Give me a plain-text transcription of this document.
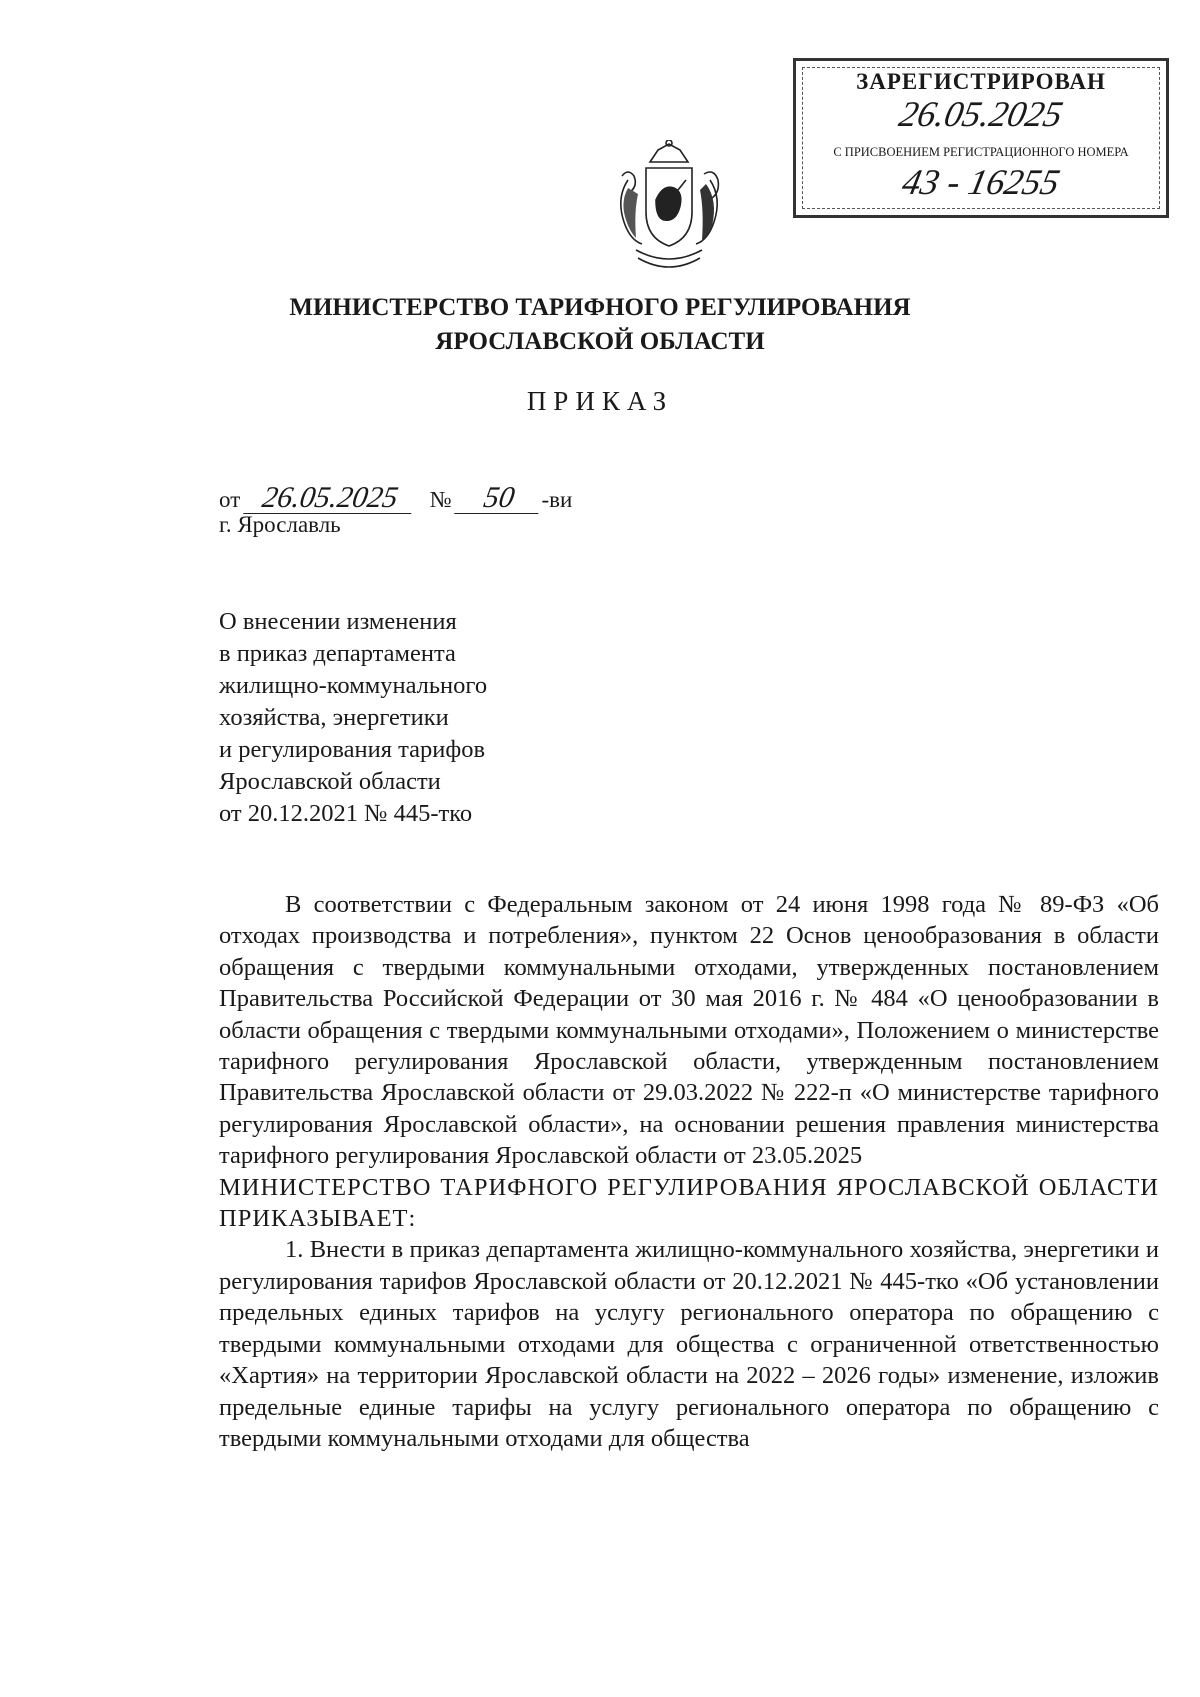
ЗАРЕГИСТРИРОВАН
26.05.2025
С ПРИСВОЕНИЕМ РЕГИСТРАЦИОННОГО НОМЕРА
43 - 16255
МИНИСТЕРСТВО ТАРИФНОГО РЕГУЛИРОВАНИЯ
ЯРОСЛАВСКОЙ ОБЛАСТИ
ПРИКАЗ
от 26.05.2025 № 50 -ви
г. Ярославль
О внесении изменения
в приказ департамента
жилищно-коммунального
хозяйства, энергетики
и регулирования тарифов
Ярославской области
от 20.12.2021 № 445-тко

В соответствии с Федеральным законом от 24 июня 1998 года № 89-ФЗ «Об отходах производства и потребления», пунктом 22 Основ ценообразования в области обращения с твердыми коммунальными отходами, утвержденных постановлением Правительства Российской Федерации от 30 мая 2016 г. № 484 «О ценообразовании в области обращения с твердыми коммунальными отходами», Положением о министерстве тарифного регулирования Ярославской области, утвержденным постановлением Правительства Ярославской области от 29.03.2022 № 222-п «О министерстве тарифного регулирования Ярославской области», на основании решения правления министерства тарифного регулирования Ярославской области от 23.05.2025

МИНИСТЕРСТВО ТАРИФНОГО РЕГУЛИРОВАНИЯ ЯРОСЛАВСКОЙ ОБЛАСТИ ПРИКАЗЫВАЕТ:

1. Внести в приказ департамента жилищно-коммунального хозяйства, энергетики и регулирования тарифов Ярославской области от 20.12.2021 № 445-тко «Об установлении предельных единых тарифов на услугу регионального оператора по обращению с твердыми коммунальными отходами для общества с ограниченной ответственностью «Хартия» на территории Ярославской области на 2022 – 2026 годы» изменение, изложив предельные единые тарифы на услугу регионального оператора по обращению с твердыми коммунальными отходами для общества
